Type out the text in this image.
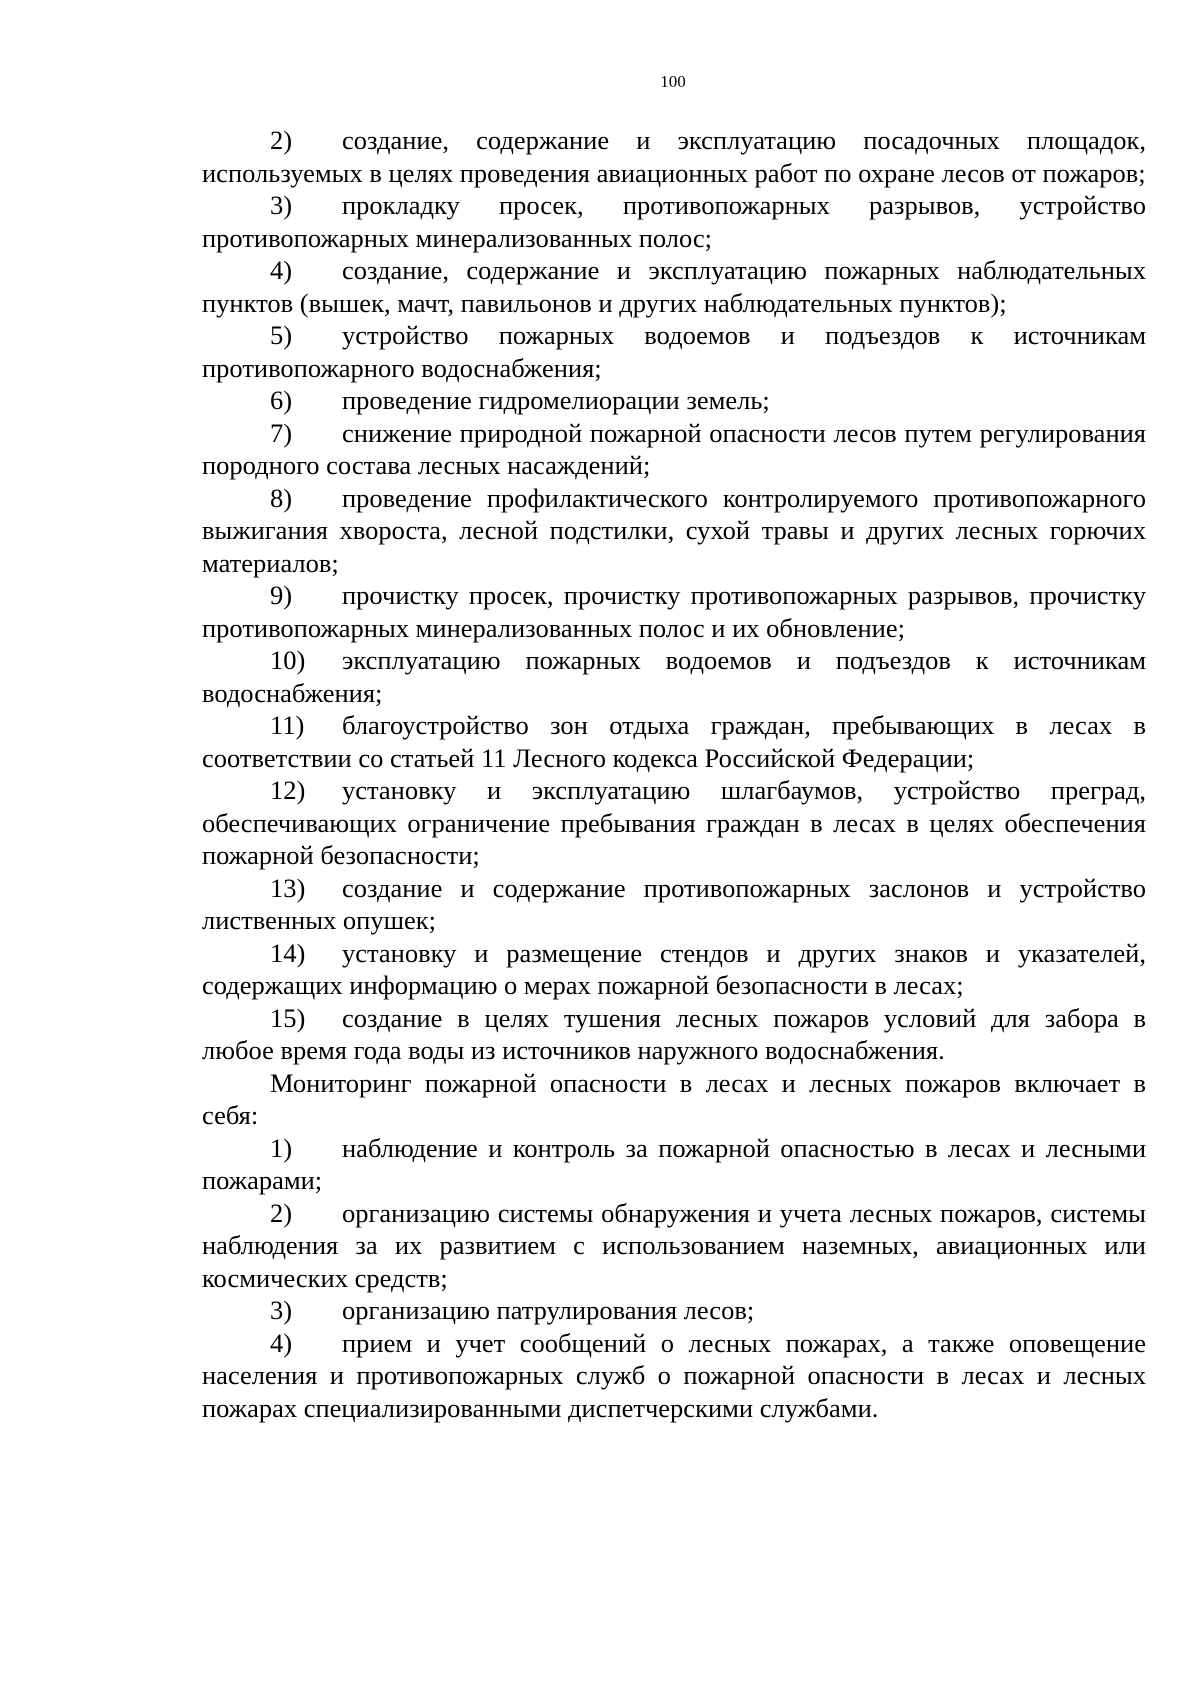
100

2) создание, содержание и эксплуатацию посадочных площадок, используемых в целях проведения авиационных работ по охране лесов от пожаров;

3) прокладку просек, противопожарных разрывов, устройство противопожарных минерализованных полос;

4) создание, содержание и эксплуатацию пожарных наблюдательных пунктов (вышек, мачт, павильонов и других наблюдательных пунктов);

5) устройство пожарных водоемов и подъездов к источникам противопожарного водоснабжения;

6) проведение гидромелиорации земель;

7) снижение природной пожарной опасности лесов путем регулирования породного состава лесных насаждений;

8) проведение профилактического контролируемого противопожарного выжигания хвороста, лесной подстилки, сухой травы и других лесных горючих материалов;

9) прочистку просек, прочистку противопожарных разрывов, прочистку противопожарных минерализованных полос и их обновление;

10) эксплуатацию пожарных водоемов и подъездов к источникам водоснабжения;

11) благоустройство зон отдыха граждан, пребывающих в лесах в соответствии со статьей 11 Лесного кодекса Российской Федерации;

12) установку и эксплуатацию шлагбаумов, устройство преград, обеспечивающих ограничение пребывания граждан в лесах в целях обеспечения пожарной безопасности;

13) создание и содержание противопожарных заслонов и устройство лиственных опушек;

14) установку и размещение стендов и других знаков и указателей, содержащих информацию о мерах пожарной безопасности в лесах;

15) создание в целях тушения лесных пожаров условий для забора в любое время года воды из источников наружного водоснабжения.

Мониторинг пожарной опасности в лесах и лесных пожаров включает в себя:

1) наблюдение и контроль за пожарной опасностью в лесах и лесными пожарами;

2) организацию системы обнаружения и учета лесных пожаров, системы наблюдения за их развитием с использованием наземных, авиационных или космических средств;

3) организацию патрулирования лесов;

4) прием и учет сообщений о лесных пожарах, а также оповещение населения и противопожарных служб о пожарной опасности в лесах и лесных пожарах специализированными диспетчерскими службами.
